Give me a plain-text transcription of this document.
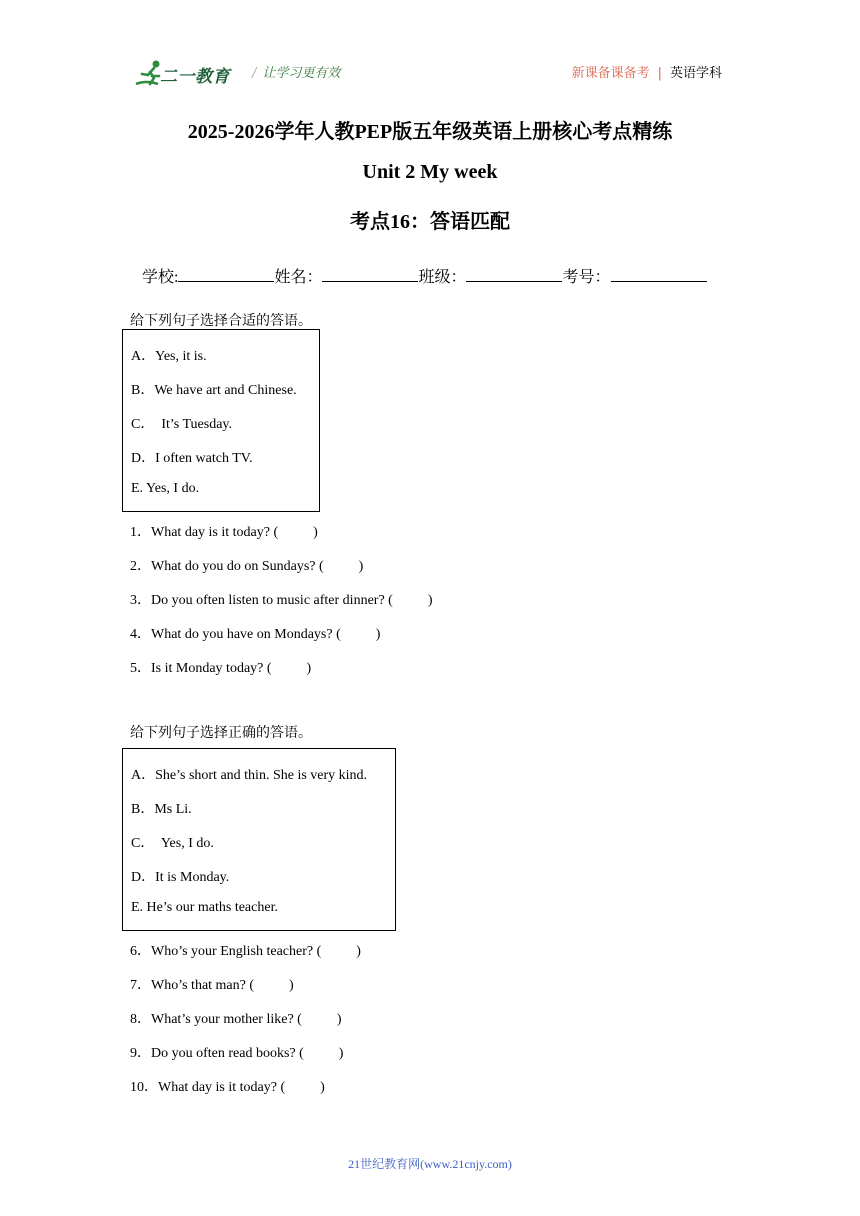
二一教育 / 让学习更有效	新课备课备考 | 英语学科
2025-2026学年人教PEP版五年级英语上册核心考点精练
Unit 2 My week
考点16：答语匹配
学校:	姓名：	班级：	考号：
给下列句子选择合适的答语。
A．Yes, it is.
B．We have art and Chinese.
C．  It’s Tuesday.
D．I often watch TV.
E. Yes, I do.
1．What day is it today? (          )
2．What do you do on Sundays? (          )
3．Do you often listen to music after dinner? (          )
4．What do you have on Mondays? (          )
5．Is it Monday today? (          )
给下列句子选择正确的答语。
A．She’s short and thin. She is very kind.
B．Ms Li.
C．  Yes, I do.
D．It is Monday.
E. He’s our maths teacher.
6．Who’s your English teacher? (          )
7．Who’s that man? (          )
8．What’s your mother like? (          )
9．Do you often read books? (          )
10．What day is it today? (          )
21世纪教育网(www.21cnjy.com)
